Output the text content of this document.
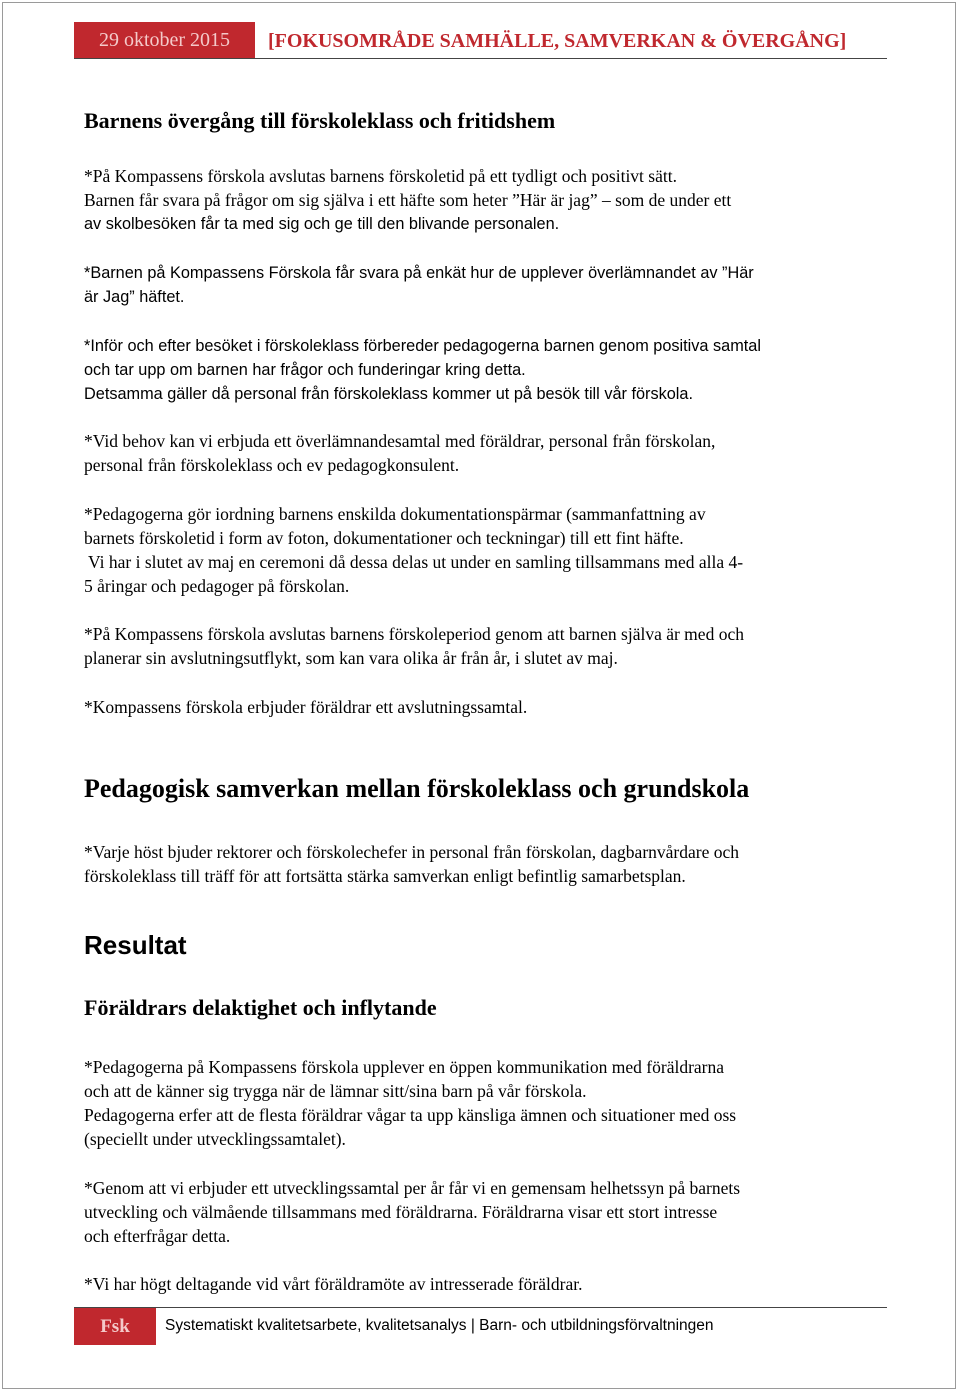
29 oktober 2015	[FOKUSOMRÅDE SAMHÄLLE, SAMVERKAN & ÖVERGÅNG]
Barnens övergång till förskoleklass och fritidshem
*På Kompassens förskola avslutas barnens förskoletid på ett tydligt och positivt sätt.
Barnen får svara på frågor om sig själva i ett häfte som heter ”Här är jag” – som de under ett
av skolbesöken får ta med sig och ge till den blivande personalen.
*Barnen på Kompassens Förskola får svara på enkät hur de upplever överlämnandet av ”Här
är Jag” häftet.
*Inför och efter besöket i förskoleklass förbereder pedagogerna barnen genom positiva samtal
och tar upp om barnen har frågor och funderingar kring detta.
Detsamma gäller då personal från förskoleklass kommer ut på besök till vår förskola.
*Vid behov kan vi erbjuda ett överlämnandesamtal med föräldrar, personal från förskolan,
personal från förskoleklass och ev pedagogkonsulent.
*Pedagogerna gör iordning barnens enskilda dokumentationspärmar (sammanfattning av
barnets förskoletid i form av foton, dokumentationer och teckningar) till ett fint häfte.
Vi har i slutet av maj en ceremoni då dessa delas ut under en samling tillsammans med alla 4-
5 åringar och pedagoger på förskolan.
*På Kompassens förskola avslutas barnens förskoleperiod genom att barnen själva är med och
planerar sin avslutningsutflykt, som kan vara olika år från år, i slutet av maj.
*Kompassens förskola erbjuder föräldrar ett avslutningssamtal.
Pedagogisk samverkan mellan förskoleklass och grundskola
*Varje höst bjuder rektorer och förskolechefer in personal från förskolan, dagbarnvårdare och
förskoleklass till träff för att fortsätta stärka samverkan enligt befintlig samarbetsplan.
Resultat
Föräldrars delaktighet och inflytande
*Pedagogerna på Kompassens förskola upplever en öppen kommunikation med föräldrarna
och att de känner sig trygga när de lämnar sitt/sina barn på vår förskola.
Pedagogerna erfer att de flesta föräldrar vågar ta upp känsliga ämnen och situationer med oss
(speciellt under utvecklingssamtalet).
*Genom att vi erbjuder ett utvecklingssamtal per år får vi en gemensam helhetssyn på barnets
utveckling och välmående tillsammans med föräldrarna. Föräldrarna visar ett stort intresse
och efterfrågar detta.
*Vi har högt deltagande vid vårt föräldramöte av intresserade föräldrar.
Fsk	Systematiskt kvalitetsarbete, kvalitetsanalys | Barn- och utbildningsförvaltningen
